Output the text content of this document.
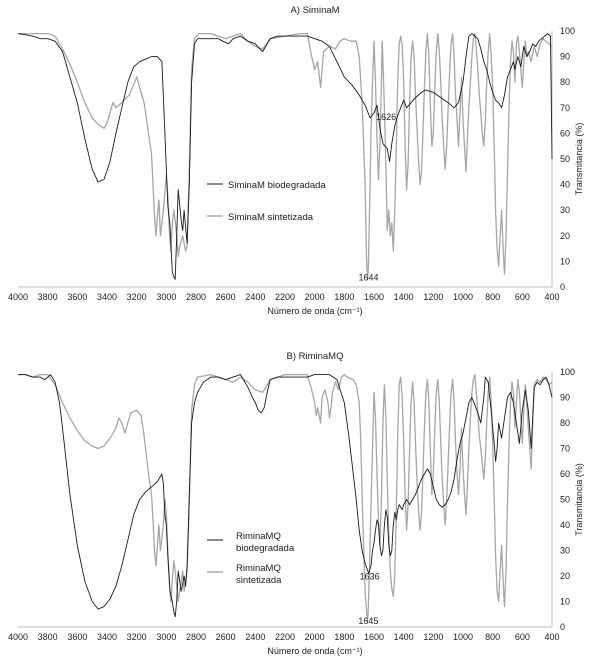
A) SiminaM
4000 3800 3600 3400 3200 3000 2800 2600 2400 2200 2000 1800 1600 1400 1200 1000 800 600 400
0
10
20
30
40
50
60
70
80
90
100
Número de onda (cm⁻¹)
Transmitancia (%)
SiminaM biodegradada
SiminaM sintetizada
1626
1644
B) RiminaMQ
4000 3800 3600 3400 3200 3000 2800 2600 2400 2200 2000 1800 1600 1400 1200 1000 800 600 400
0
10
20
30
40
50
60
70
80
90
100
Número de onda (cm⁻¹)
Transmitancia (%)
RiminaMQ biodegradada
RiminaMQ sintetizada	1636
1645
